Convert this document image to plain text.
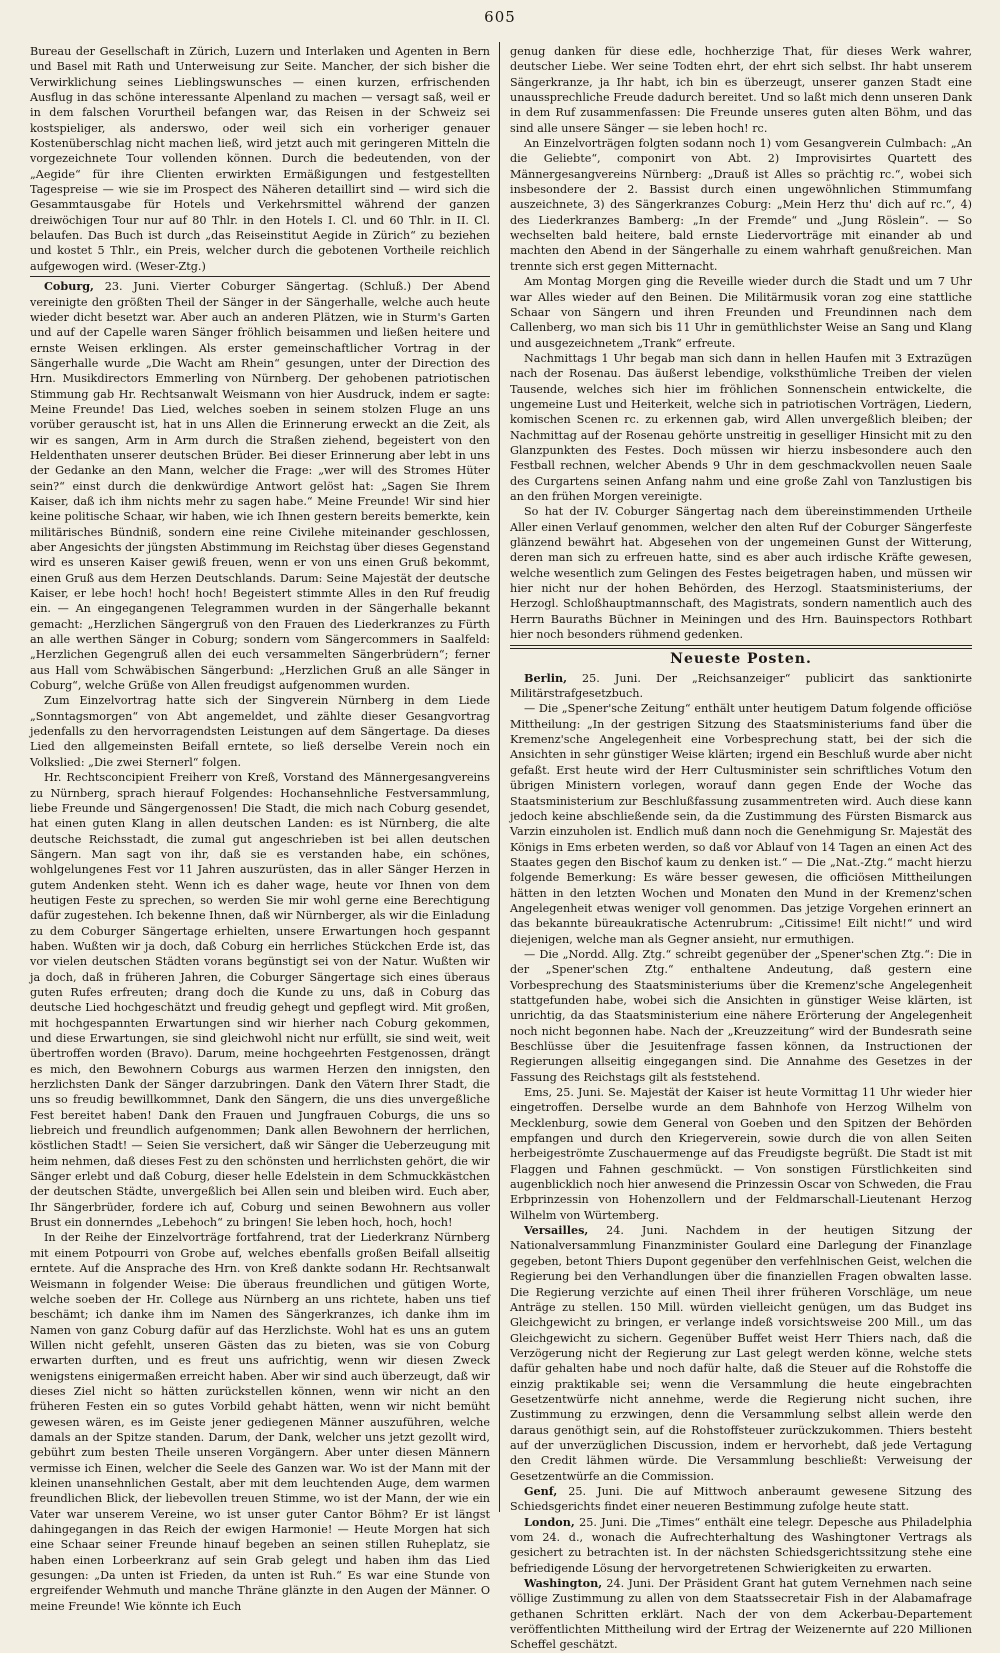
605

Bureau der Gesellschaft in Zürich, Luzern und Interlaken und Agenten in Bern und Basel mit Rath und Unterweisung zur Seite. Mancher, der sich bisher die Verwirklichung seines Lieblingswunsches — einen kurzen, erfrischenden Ausflug in das schöne interessante Alpenland zu machen — versagt saß, weil er in dem falschen Vorurtheil befangen war, das Reisen in der Schweiz sei kostspieliger, als anderswo, oder weil sich ein vorheriger genauer Kostenüberschlag nicht machen ließ, wird jetzt auch mit geringeren Mitteln die vorgezeichnete Tour vollenden können. Durch die bedeutenden, von der „Aegide“ für ihre Clienten erwirkten Ermäßigungen und festgestellten Tagespreise — wie sie im Prospect des Näheren detaillirt sind — wird sich die Gesammtausgabe für Hotels und Verkehrsmittel während der ganzen dreiwöchigen Tour nur auf 80 Thlr. in den Hotels I. Cl. und 60 Thlr. in II. Cl. belaufen. Das Buch ist durch „das Reiseinstitut Aegide in Zürich“ zu beziehen und kostet 5 Thlr., ein Preis, welcher durch die gebotenen Vortheile reichlich aufgewogen wird. (Weser-Ztg.)

Coburg, 23. Juni. Vierter Coburger Sängertag. (Schluß.) Der Abend vereinigte den größten Theil der Sänger in der Sängerhalle, welche auch heute wieder dicht besetzt war. Aber auch an anderen Plätzen, wie in Sturm's Garten und auf der Capelle waren Sänger fröhlich beisammen und ließen heitere und ernste Weisen erklingen. Als erster gemeinschaftlicher Vortrag in der Sängerhalle wurde „Die Wacht am Rhein“ gesungen, unter der Direction des Hrn. Musikdirectors Emmerling von Nürnberg. Der gehobenen patriotischen Stimmung gab Hr. Rechtsanwalt Weismann von hier Ausdruck, indem er sagte: Meine Freunde! Das Lied, welches soeben in seinem stolzen Fluge an uns vorüber gerauscht ist, hat in uns Allen die Erinnerung erweckt an die Zeit, als wir es sangen, Arm in Arm durch die Straßen ziehend, begeistert von den Heldenthaten unserer deutschen Brüder. Bei dieser Erinnerung aber lebt in uns der Gedanke an den Mann, welcher die Frage: „wer will des Stromes Hüter sein?“ einst durch die denkwürdige Antwort gelöst hat: „Sagen Sie Ihrem Kaiser, daß ich ihm nichts mehr zu sagen habe.“ Meine Freunde! Wir sind hier keine politische Schaar, wir haben, wie ich Ihnen gestern bereits bemerkte, kein militärisches Bündniß, sondern eine reine Civilehe miteinander geschlossen, aber Angesichts der jüngsten Abstimmung im Reichstag über dieses Gegenstand wird es unseren Kaiser gewiß freuen, wenn er von uns einen Gruß bekommt, einen Gruß aus dem Herzen Deutschlands. Darum: Seine Majestät der deutsche Kaiser, er lebe hoch! hoch! hoch! Begeistert stimmte Alles in den Ruf freudig ein. — An eingegangenen Telegrammen wurden in der Sängerhalle bekannt gemacht: „Herzlichen Sängergruß von den Frauen des Liederkranzes zu Fürth an alle werthen Sänger in Coburg; sondern vom Sängercommers in Saalfeld: „Herzlichen Gegengruß allen dei euch versammelten Sängerbrüdern“; ferner aus Hall vom Schwäbischen Sängerbund: „Herzlichen Gruß an alle Sänger in Coburg“, welche Grüße von Allen freudigst aufgenommen wurden.

Zum Einzelvortrag hatte sich der Singverein Nürnberg in dem Liede „Sonntagsmorgen“ von Abt angemeldet, und zählte dieser Gesangvortrag jedenfalls zu den hervorragendsten Leistungen auf dem Sängertage. Da dieses Lied den allgemeinsten Beifall erntete, so ließ derselbe Verein noch ein Volkslied: „Die zwei Sternerl“ folgen.

Hr. Rechtsconcipient Freiherr von Kreß, Vorstand des Männergesangvereins zu Nürnberg, sprach hierauf Folgendes: Hochansehnliche Festversammlung, liebe Freunde und Sängergenossen! Die Stadt, die mich nach Coburg gesendet, hat einen guten Klang in allen deutschen Landen: es ist Nürnberg, die alte deutsche Reichsstadt, die zumal gut angeschrieben ist bei allen deutschen Sängern. Man sagt von ihr, daß sie es verstanden habe, ein schönes, wohlgelungenes Fest vor 11 Jahren auszurüsten, das in aller Sänger Herzen in gutem Andenken steht. Wenn ich es daher wage, heute vor Ihnen von dem heutigen Feste zu sprechen, so werden Sie mir wohl gerne eine Berechtigung dafür zugestehen. Ich bekenne Ihnen, daß wir Nürnberger, als wir die Einladung zu dem Coburger Sängertage erhielten, unsere Erwartungen hoch gespannt haben. Wußten wir ja doch, daß Coburg ein herrliches Stückchen Erde ist, das vor vielen deutschen Städten vorans begünstigt sei von der Natur. Wußten wir ja doch, daß in früheren Jahren, die Coburger Sängertage sich eines überaus guten Rufes erfreuten; drang doch die Kunde zu uns, daß in Coburg das deutsche Lied hochgeschätzt und freudig gehegt und gepflegt wird. Mit großen, mit hochgespannten Erwartungen sind wir hierher nach Coburg gekommen, und diese Erwartungen, sie sind gleichwohl nicht nur erfüllt, sie sind weit, weit übertroffen worden (Bravo). Darum, meine hochgeehrten Festgenossen, drängt es mich, den Bewohnern Coburgs aus warmen Herzen den innigsten, den herzlichsten Dank der Sänger darzubringen. Dank den Vätern Ihrer Stadt, die uns so freudig bewillkommnet, Dank den Sängern, die uns dies unvergeßliche Fest bereitet haben! Dank den Frauen und Jungfrauen Coburgs, die uns so liebreich und freundlich aufgenommen; Dank allen Bewohnern der herrlichen, köstlichen Stadt! — Seien Sie versichert, daß wir Sänger die Ueberzeugung mit heim nehmen, daß dieses Fest zu den schönsten und herrlichsten gehört, die wir Sänger erlebt und daß Coburg, dieser helle Edelstein in dem Schmuckkästchen der deutschen Städte, unvergeßlich bei Allen sein und bleiben wird. Euch aber, Ihr Sängerbrüder, fordere ich auf, Coburg und seinen Bewohnern aus voller Brust ein donnerndes „Lebehoch“ zu bringen! Sie leben hoch, hoch, hoch!

In der Reihe der Einzelvorträge fortfahrend, trat der Liederkranz Nürnberg mit einem Potpourri von Grobe auf, welches ebenfalls großen Beifall allseitig erntete. Auf die Ansprache des Hrn. von Kreß dankte sodann Hr. Rechtsanwalt Weismann in folgender Weise: Die überaus freundlichen und gütigen Worte, welche soeben der Hr. College aus Nürnberg an uns richtete, haben uns tief beschämt; ich danke ihm im Namen des Sängerkranzes, ich danke ihm im Namen von ganz Coburg dafür auf das Herzlichste. Wohl hat es uns an gutem Willen nicht gefehlt, unseren Gästen das zu bieten, was sie von Coburg erwarten durften, und es freut uns aufrichtig, wenn wir diesen Zweck wenigstens einigermaßen erreicht haben. Aber wir sind auch überzeugt, daß wir dieses Ziel nicht so hätten zurückstellen können, wenn wir nicht an den früheren Festen ein so gutes Vorbild gehabt hätten, wenn wir nicht bemüht gewesen wären, es im Geiste jener gediegenen Männer auszuführen, welche damals an der Spitze standen. Darum, der Dank, welcher uns jetzt gezollt wird, gebührt zum besten Theile unseren Vorgängern. Aber unter diesen Männern vermisse ich Einen, welcher die Seele des Ganzen war. Wo ist der Mann mit der kleinen unansehnlichen Gestalt, aber mit dem leuchtenden Auge, dem warmen freundlichen Blick, der liebevollen treuen Stimme, wo ist der Mann, der wie ein Vater war unserem Vereine, wo ist unser guter Cantor Böhm? Er ist längst dahingegangen in das Reich der ewigen Harmonie! — Heute Morgen hat sich eine Schaar seiner Freunde hinauf begeben an seinen stillen Ruheplatz, sie haben einen Lorbeerkranz auf sein Grab gelegt und haben ihm das Lied gesungen: „Da unten ist Frieden, da unten ist Ruh.“ Es war eine Stunde von ergreifender Wehmuth und manche Thräne glänzte in den Augen der Männer. O meine Freunde! Wie könnte ich Euch

genug danken für diese edle, hochherzige That, für dieses Werk wahrer, deutscher Liebe. Wer seine Todten ehrt, der ehrt sich selbst. Ihr habt unserem Sängerkranze, ja Ihr habt, ich bin es überzeugt, unserer ganzen Stadt eine unaussprechliche Freude dadurch bereitet. Und so laßt mich denn unseren Dank in dem Ruf zusammenfassen: Die Freunde unseres guten alten Böhm, und das sind alle unsere Sänger — sie leben hoch! rc.

An Einzelvorträgen folgten sodann noch 1) vom Gesangverein Culmbach: „An die Geliebte“, componirt von Abt. 2) Improvisirtes Quartett des Männergesangvereins Nürnberg: „Drauß ist Alles so prächtig rc.“, wobei sich insbesondere der 2. Bassist durch einen ungewöhnlichen Stimmumfang auszeichnete, 3) des Sängerkranzes Coburg: „Mein Herz thu' dich auf rc.“, 4) des Liederkranzes Bamberg: „In der Fremde“ und „Jung Röslein“. — So wechselten bald heitere, bald ernste Liedervorträge mit einander ab und machten den Abend in der Sängerhalle zu einem wahrhaft genußreichen. Man trennte sich erst gegen Mitternacht.

Am Montag Morgen ging die Reveille wieder durch die Stadt und um 7 Uhr war Alles wieder auf den Beinen. Die Militärmusik voran zog eine stattliche Schaar von Sängern und ihren Freunden und Freundinnen nach dem Callenberg, wo man sich bis 11 Uhr in gemüthlichster Weise an Sang und Klang und ausgezeichnetem „Trank“ erfreute.

Nachmittags 1 Uhr begab man sich dann in hellen Haufen mit 3 Extrazügen nach der Rosenau. Das äußerst lebendige, volksthümliche Treiben der vielen Tausende, welches sich hier im fröhlichen Sonnenschein entwickelte, die ungemeine Lust und Heiterkeit, welche sich in patriotischen Vorträgen, Liedern, komischen Scenen rc. zu erkennen gab, wird Allen unvergeßlich bleiben; der Nachmittag auf der Rosenau gehörte unstreitig in geselliger Hinsicht mit zu den Glanzpunkten des Festes. Doch müssen wir hierzu insbesondere auch den Festball rechnen, welcher Abends 9 Uhr in dem geschmackvollen neuen Saale des Curgartens seinen Anfang nahm und eine große Zahl von Tanzlustigen bis an den frühen Morgen vereinigte.

So hat der IV. Coburger Sängertag nach dem übereinstimmenden Urtheile Aller einen Verlauf genommen, welcher den alten Ruf der Coburger Sängerfeste glänzend bewährt hat. Abgesehen von der ungemeinen Gunst der Witterung, deren man sich zu erfreuen hatte, sind es aber auch irdische Kräfte gewesen, welche wesentlich zum Gelingen des Festes beigetragen haben, und müssen wir hier nicht nur der hohen Behörden, des Herzogl. Staatsministeriums, der Herzogl. Schloßhauptmannschaft, des Magistrats, sondern namentlich auch des Herrn Bauraths Büchner in Meiningen und des Hrn. Bauinspectors Rothbart hier noch besonders rühmend gedenken.

Neueste Posten.

Berlin, 25. Juni. Der „Reichsanzeiger“ publicirt das sanktionirte Militärstrafgesetzbuch.

— Die „Spener'sche Zeitung“ enthält unter heutigem Datum folgende officiöse Mittheilung: „In der gestrigen Sitzung des Staatsministeriums fand über die Kremenz'sche Angelegenheit eine Vorbesprechung statt, bei der sich die Ansichten in sehr günstiger Weise klärten; irgend ein Beschluß wurde aber nicht gefaßt. Erst heute wird der Herr Cultusminister sein schriftliches Votum den übrigen Ministern vorlegen, worauf dann gegen Ende der Woche das Staatsministerium zur Beschlußfassung zusammentreten wird. Auch diese kann jedoch keine abschließende sein, da die Zustimmung des Fürsten Bismarck aus Varzin einzuholen ist. Endlich muß dann noch die Genehmigung Sr. Majestät des Königs in Ems erbeten werden, so daß vor Ablauf von 14 Tagen an einen Act des Staates gegen den Bischof kaum zu denken ist.“ — Die „Nat.-Ztg.“ macht hierzu folgende Bemerkung: Es wäre besser gewesen, die officiösen Mittheilungen hätten in den letzten Wochen und Monaten den Mund in der Kremenz'schen Angelegenheit etwas weniger voll genommen. Das jetzige Vorgehen erinnert an das bekannte büreaukratische Actenrubrum: „Citissime! Eilt nicht!“ und wird diejenigen, welche man als Gegner ansieht, nur ermuthigen.

— Die „Nordd. Allg. Ztg.“ schreibt gegenüber der „Spener'schen Ztg.“: Die in der „Spener'schen Ztg.“ enthaltene Andeutung, daß gestern eine Vorbesprechung des Staatsministeriums über die Kremenz'sche Angelegenheit stattgefunden habe, wobei sich die Ansichten in günstiger Weise klärten, ist unrichtig, da das Staatsministerium eine nähere Erörterung der Angelegenheit noch nicht begonnen habe. Nach der „Kreuzzeitung“ wird der Bundesrath seine Beschlüsse über die Jesuitenfrage fassen können, da Instructionen der Regierungen allseitig eingegangen sind. Die Annahme des Gesetzes in der Fassung des Reichstags gilt als feststehend.

Ems, 25. Juni. Se. Majestät der Kaiser ist heute Vormittag 11 Uhr wieder hier eingetroffen. Derselbe wurde an dem Bahnhofe von Herzog Wilhelm von Mecklenburg, sowie dem General von Goeben und den Spitzen der Behörden empfangen und durch den Kriegerverein, sowie durch die von allen Seiten herbeigeströmte Zuschauermenge auf das Freudigste begrüßt. Die Stadt ist mit Flaggen und Fahnen geschmückt. — Von sonstigen Fürstlichkeiten sind augenblicklich noch hier anwesend die Prinzessin Oscar von Schweden, die Frau Erbprinzessin von Hohenzollern und der Feldmarschall-Lieutenant Herzog Wilhelm von Würtemberg.

Versailles, 24. Juni. Nachdem in der heutigen Sitzung der Nationalversammlung Finanzminister Goulard eine Darlegung der Finanzlage gegeben, betont Thiers Dupont gegenüber den verfehlnischen Geist, welchen die Regierung bei den Verhandlungen über die finanziellen Fragen obwalten lasse. Die Regierung verzichte auf einen Theil ihrer früheren Vorschläge, um neue Anträge zu stellen. 150 Mill. würden vielleicht genügen, um das Budget ins Gleichgewicht zu bringen, er verlange indeß vorsichtsweise 200 Mill., um das Gleichgewicht zu sichern. Gegenüber Buffet weist Herr Thiers nach, daß die Verzögerung nicht der Regierung zur Last gelegt werden könne, welche stets dafür gehalten habe und noch dafür halte, daß die Steuer auf die Rohstoffe die einzig praktikable sei; wenn die Versammlung die heute eingebrachten Gesetzentwürfe nicht annehme, werde die Regierung nicht suchen, ihre Zustimmung zu erzwingen, denn die Versammlung selbst allein werde den daraus genöthigt sein, auf die Rohstoffsteuer zurückzukommen. Thiers besteht auf der unverzüglichen Discussion, indem er hervorhebt, daß jede Vertagung den Credit lähmen würde. Die Versammlung beschließt: Verweisung der Gesetzentwürfe an die Commission.

Genf, 25. Juni. Die auf Mittwoch anberaumt gewesene Sitzung des Schiedsgerichts findet einer neueren Bestimmung zufolge heute statt.

London, 25. Juni. Die „Times“ enthält eine telegr. Depesche aus Philadelphia vom 24. d., wonach die Aufrechterhaltung des Washingtoner Vertrags als gesichert zu betrachten ist. In der nächsten Schiedsgerichtssitzung stehe eine befriedigende Lösung der hervorgetretenen Schwierigkeiten zu erwarten.

Washington, 24. Juni. Der Präsident Grant hat gutem Vernehmen nach seine völlige Zustimmung zu allen von dem Staatssecretair Fish in der Alabamafrage gethanen Schritten erklärt. Nach der von dem Ackerbau-Departement veröffentlichten Mittheilung wird der Ertrag der Weizenernte auf 220 Millionen Scheffel geschätzt.
